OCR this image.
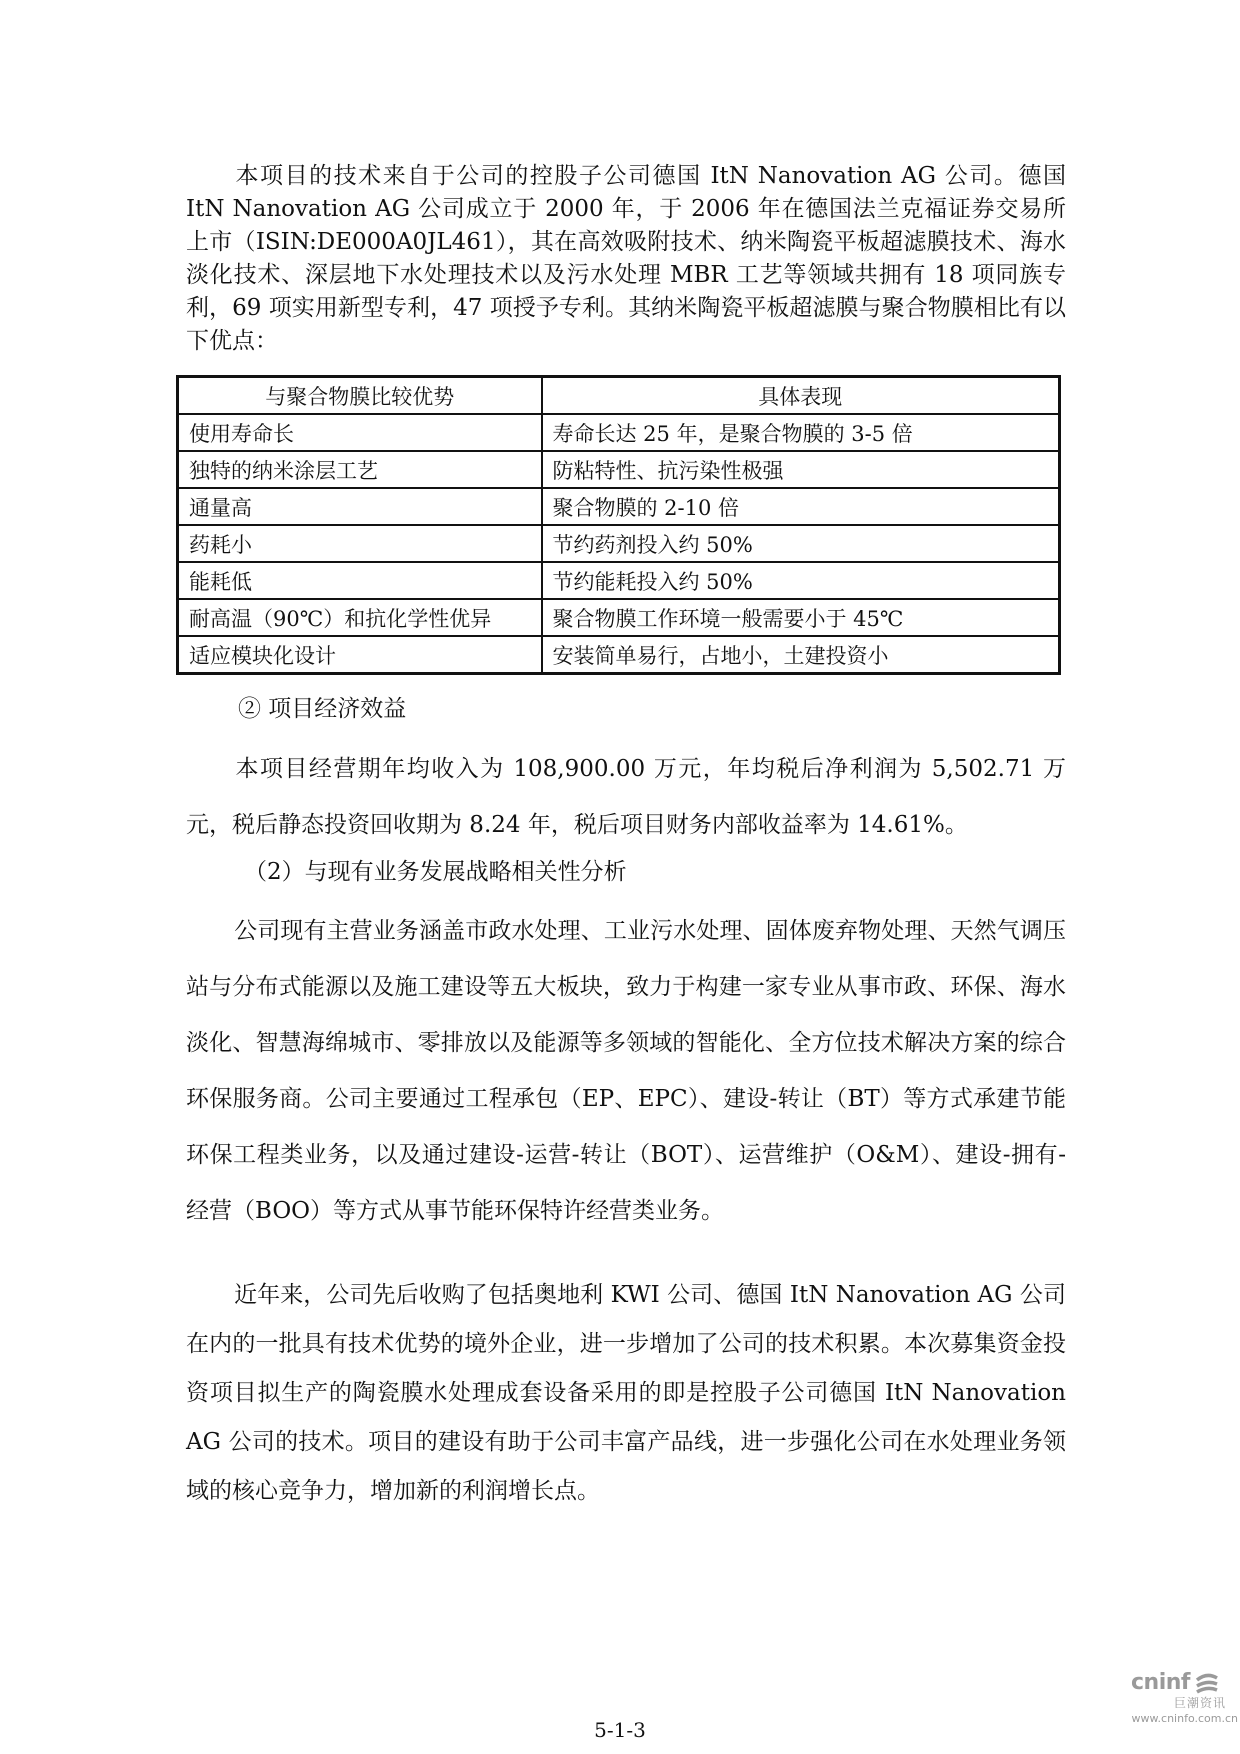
本项目的技术来自于公司的控股子公司德国 ItN Nanovation AG 公司。德国 ItN Nanovation AG 公司成立于 2000 年，于 2006 年在德国法兰克福证券交易所上市（ISIN:DE000A0JL461），其在高效吸附技术、纳米陶瓷平板超滤膜技术、海水淡化技术、深层地下水处理技术以及污水处理 MBR 工艺等领域共拥有 18 项同族专利，69 项实用新型专利，47 项授予专利。其纳米陶瓷平板超滤膜与聚合物膜相比有以下优点：

与聚合物膜比较优势	具体表现
使用寿命长	寿命长达 25 年，是聚合物膜的 3-5 倍
独特的纳米涂层工艺	防粘特性、抗污染性极强
通量高	聚合物膜的 2-10 倍
药耗小	节约药剂投入约 50%
能耗低	节约能耗投入约 50%
耐高温（90℃）和抗化学性优异	聚合物膜工作环境一般需要小于 45℃
适应模块化设计	安装简单易行，占地小，土建投资小

② 项目经济效益

本项目经营期年均收入为 108,900.00 万元，年均税后净利润为 5,502.71 万元，税后静态投资回收期为 8.24 年，税后项目财务内部收益率为 14.61%。

（2）与现有业务发展战略相关性分析

公司现有主营业务涵盖市政水处理、工业污水处理、固体废弃物处理、天然气调压站与分布式能源以及施工建设等五大板块，致力于构建一家专业从事市政、环保、海水淡化、智慧海绵城市、零排放以及能源等多领域的智能化、全方位技术解决方案的综合环保服务商。公司主要通过工程承包（EP、EPC）、建设-转让（BT）等方式承建节能环保工程类业务，以及通过建设-运营-转让（BOT）、运营维护（O&M）、建设-拥有-经营（BOO）等方式从事节能环保特许经营类业务。

近年来，公司先后收购了包括奥地利 KWI 公司、德国 ItN Nanovation AG 公司在内的一批具有技术优势的境外企业，进一步增加了公司的技术积累。本次募集资金投资项目拟生产的陶瓷膜水处理成套设备采用的即是控股子公司德国 ItN Nanovation AG 公司的技术。项目的建设有助于公司丰富产品线，进一步强化公司在水处理业务领域的核心竞争力，增加新的利润增长点。

5-1-3

cninf
巨潮资讯
www.cninfo.com.cn
